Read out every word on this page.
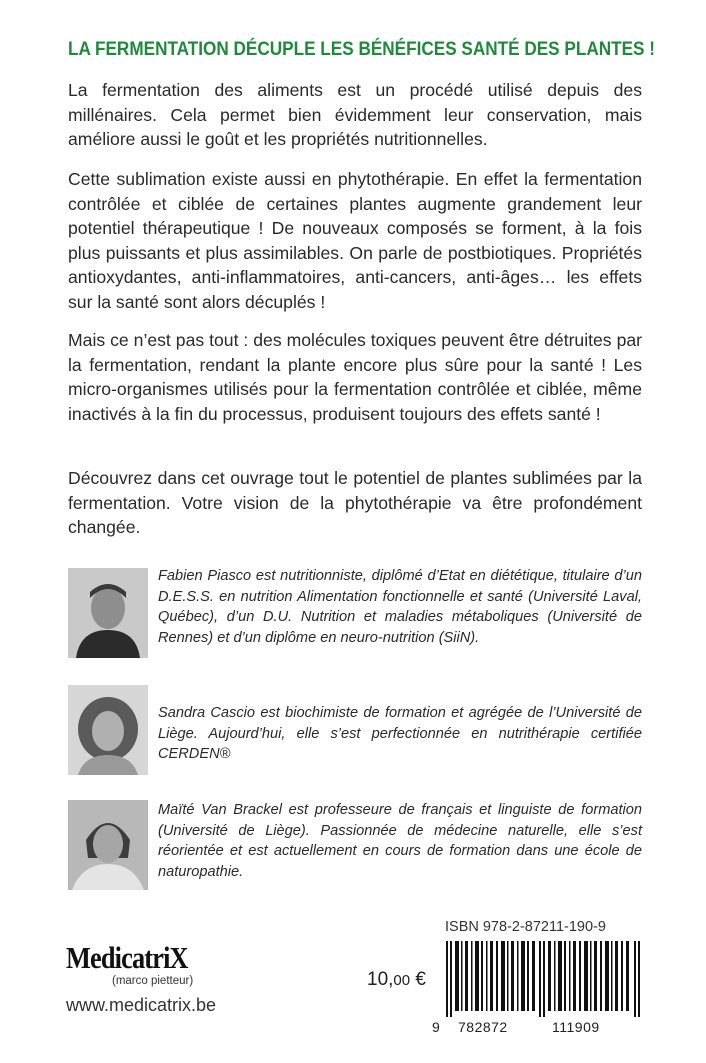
LA FERMENTATION DÉCUPLE LES BÉNÉFICES SANTÉ DES PLANTES !

La fermentation des aliments est un procédé utilisé depuis des millénaires. Cela permet bien évidemment leur conservation, mais améliore aussi le goût et les propriétés nutritionnelles.

Cette sublimation existe aussi en phytothérapie. En effet la fermentation contrôlée et ciblée de certaines plantes augmente grandement leur potentiel thérapeutique ! De nouveaux composés se forment, à la fois plus puissants et plus assimilables. On parle de postbiotiques. Propriétés antioxydantes, anti-inflammatoires, anti-cancers, anti-âges… les effets sur la santé sont alors décuplés !

Mais ce n’est pas tout : des molécules toxiques peuvent être détruites par la fermentation, rendant la plante encore plus sûre pour la santé ! Les micro-organismes utilisés pour la fermentation contrôlée et ciblée, même inactivés à la fin du processus, produisent toujours des effets santé !

Découvrez dans cet ouvrage tout le potentiel de plantes sublimées par la fermentation. Votre vision de la phytothérapie va être profondément changée.

Fabien Piasco est nutritionniste, diplômé d’Etat en diététique, titulaire d’un D.E.S.S. en nutrition Alimentation fonctionnelle et santé (Université Laval, Québec), d’un D.U. Nutrition et maladies métaboliques (Université de Rennes) et d’un diplôme en neuro-nutrition (SiiN).

Sandra Cascio est biochimiste de formation et agrégée de l’Université de Liège. Aujourd’hui, elle s’est perfectionnée en nutrithérapie certifiée CERDEN®

Maïté Van Brackel est professeure de français et linguiste de formation (Université de Liège). Passionnée de médecine naturelle, elle s’est réorientée et est actuellement en cours de formation dans une école de naturopathie.

ISBN 978-2-87211-190-9
9 782872	111909
10,00 €
MedicatriX
(marco pietteur)
www.medicatrix.be
